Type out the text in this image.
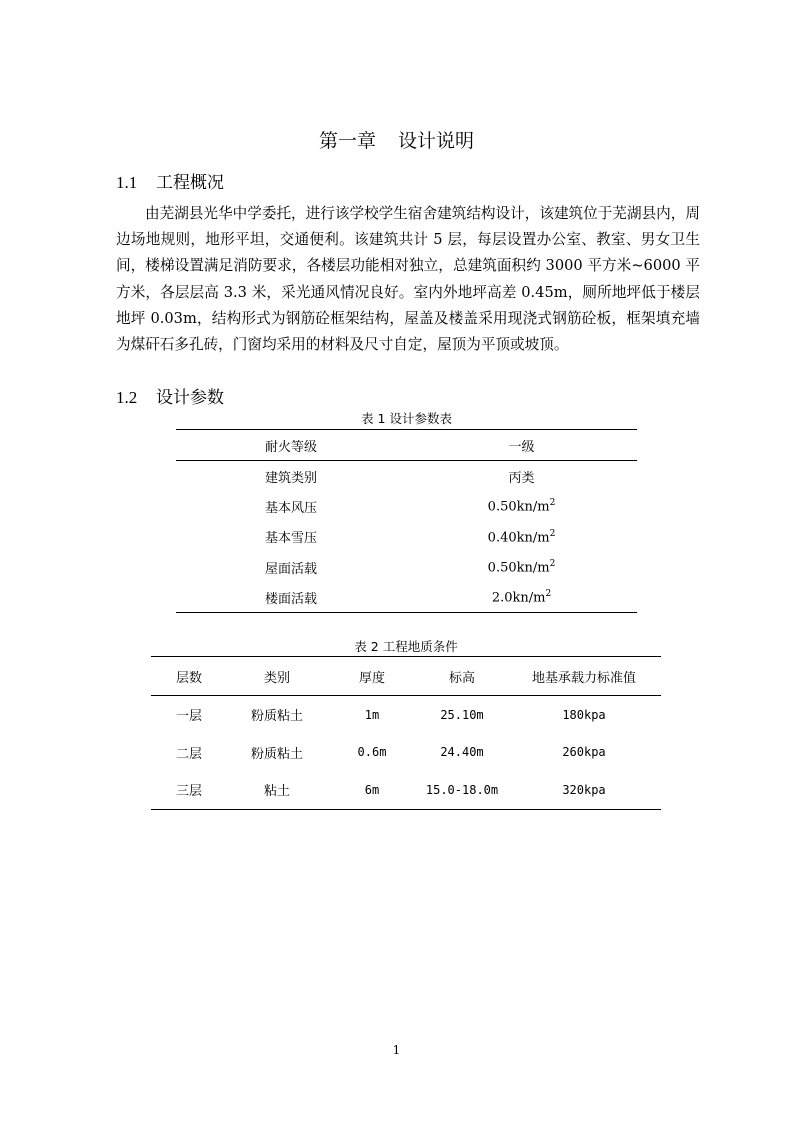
第一章 设计说明
1.1 工程概况
由芜湖县光华中学委托，进行该学校学生宿舍建筑结构设计，该建筑位于芜湖县内，周边场地规则，地形平坦，交通便利。该建筑共计 5 层，每层设置办公室、教室、男女卫生间，楼梯设置满足消防要求，各楼层功能相对独立，总建筑面积约 3000 平方米~6000 平方米，各层层高 3.3 米，采光通风情况良好。室内外地坪高差 0.45m，厕所地坪低于楼层地坪 0.03m，结构形式为钢筋砼框架结构，屋盖及楼盖采用现浇式钢筋砼板，框架填充墙为煤矸石多孔砖，门窗均采用的材料及尺寸自定，屋顶为平顶或坡顶。
1.2 设计参数
表 1 设计参数表
耐火等级	一级
建筑类别	丙类
基本风压	$0.50kn/m^2$
基本雪压	$0.40kn/m^2$
屋面活载	$0.50kn/m^2$
楼面活载	$2.0kn/m^2$
表 2 工程地质条件
层数	类别	厚度	标高	地基承载力标准值
一层	粉质粘土	1m	25.10m	180kpa
二层	粉质粘土	0.6m	24.40m	260kpa
三层	粘土	6m	15.0-18.0m	320kpa
1
